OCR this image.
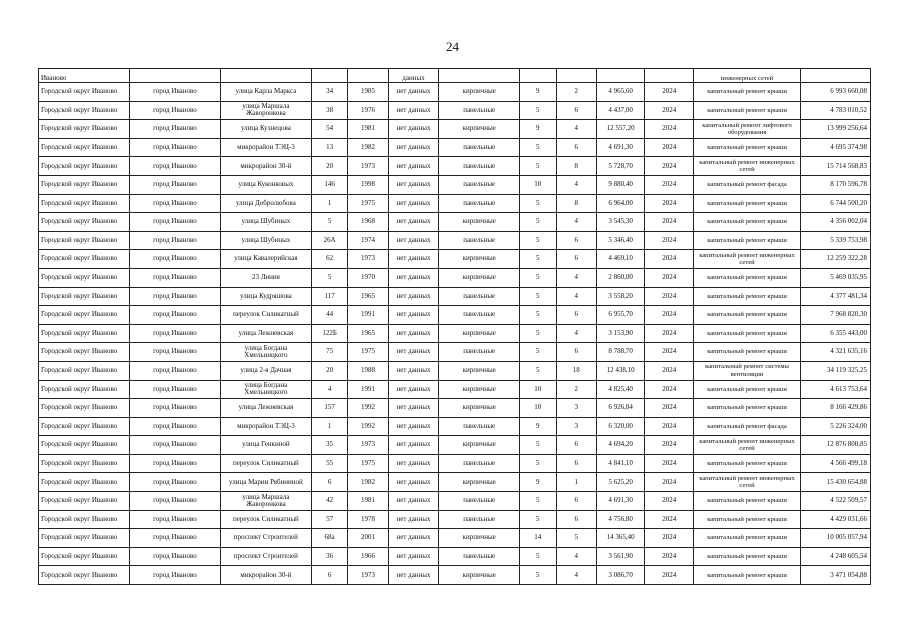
24
Иваново					данных						инженерных сетей	
Городской округ Иваново	город Иваново	улица Карла Маркса	34	1985	нет данных	кирпичные	9	2	4 965,60	2024	капитальный ремонт крыши	6 993 660,08
Городской округ Иваново	город Иваново	улица Маршала Жаворонкова	38	1976	нет данных	панельные	5	6	4 437,00	2024	капитальный ремонт крыши	4 783 010,52
Городской округ Иваново	город Иваново	улица Кузнецова	54	1981	нет данных	кирпичные	9	4	12 557,20	2024	капитальный ремонт лифтового оборудования	13 999 256,64
Городской округ Иваново	город Иваново	микрорайон ТЭЦ-3	13	1982	нет данных	панельные	5	6	4 691,30	2024	капитальный ремонт крыши	4 695 374,98
Городской округ Иваново	город Иваново	микрорайон 30-й	20	1973	нет данных	панельные	5	8	5 728,70	2024	капитальный ремонт инженерных сетей	15 714 568,83
Городской округ Иваново	город Иваново	улица Куконковых	146	1998	нет данных	панельные	10	4	9 880,40	2024	капитальный ремонт фасада	8 170 596,78
Городской округ Иваново	город Иваново	улица Добролюбова	1	1975	нет данных	панельные	5	8	6 964,00	2024	капитальный ремонт крыши	6 744 500,20
Городской округ Иваново	город Иваново	улица Шубиных	5	1968	нет данных	кирпичные	5	4	3 545,30	2024	капитальный ремонт крыши	4 356 002,04
Городской округ Иваново	город Иваново	улица Шубиных	26А	1974	нет данных	панельные	5	6	5 346,40	2024	капитальный ремонт крыши	5 339 753,98
Городской округ Иваново	город Иваново	улица Кавалерийская	62	1973	нет данных	кирпичные	5	6	4 469,10	2024	капитальный ремонт инженерных сетей	12 259 322,28
Городской округ Иваново	город Иваново	23 Линия	5	1970	нет данных	кирпичные	5	4	2 860,00	2024	капитальный ремонт крыши	5 469 035,95
Городской округ Иваново	город Иваново	улица Кудряшова	117	1965	нет данных	панельные	5	4	3 558,20	2024	капитальный ремонт крыши	4 377 481,34
Городской округ Иваново	город Иваново	переулок Силикатный	44	1991	нет данных	панельные	5	6	6 955,70	2024	капитальный ремонт крыши	7 968 820,30
Городской округ Иваново	город Иваново	улица Лежневская	122Б	1965	нет данных	кирпичные	5	4	3 153,90	2024	капитальный ремонт крыши	6 355 443,00
Городской округ Иваново	город Иваново	улица Богдана Хмельницкого	75	1975	нет данных	панельные	5	6	8 788,70	2024	капитальный ремонт крыши	4 321 635,16
Городской округ Иваново	город Иваново	улица 2-я Дачная	20	1988	нет данных	кирпичные	5	18	12 438,10	2024	капитальный ремонт системы вентиляции	34 119 325,25
Городской округ Иваново	город Иваново	улица Богдана Хмельницкого	4	1991	нет данных	кирпичные	10	2	4 825,40	2024	капитальный ремонт крыши	4 613 753,64
Городской округ Иваново	город Иваново	улица Лежневская	157	1992	нет данных	кирпичные	10	3	6 926,84	2024	капитальный ремонт крыши	8 166 429,86
Городской округ Иваново	город Иваново	микрорайон ТЭЦ-3	1	1992	нет данных	панельные	9	3	6 320,00	2024	капитальный ремонт фасада	5 226 324,00
Городской округ Иваново	город Иваново	улица Генкиной	35	1973	нет данных	кирпичные	5	6	4 694,20	2024	капитальный ремонт инженерных сетей	12 876 800,85
Городской округ Иваново	город Иваново	переулок Силикатный	55	1975	нет данных	панельные	5	6	4 841,10	2024	капитальный ремонт крыши	4 566 499,18
Городской округ Иваново	город Иваново	улица Марии Рябининой	6	1982	нет данных	кирпичные	9	1	5 625,20	2024	капитальный ремонт инженерных сетей	15 430 654,88
Городской округ Иваново	город Иваново	улица Маршала Жаворонкова	42	1981	нет данных	панельные	5	6	4 691,30	2024	капитальный ремонт крыши	4 522 509,57
Городской округ Иваново	город Иваново	переулок Силикатный	57	1978	нет данных	панельные	5	6	4 756,80	2024	капитальный ремонт крыши	4 429 031,66
Городской округ Иваново	город Иваново	проспект Строителей	68а	2001	нет данных	кирпичные	14	5	14 365,40	2024	капитальный ремонт крыши	10 005 057,94
Городской округ Иваново	город Иваново	проспект Строителей	36	1966	нет данных	панельные	5	4	3 561,90	2024	капитальный ремонт крыши	4 248 605,54
Городской округ Иваново	город Иваново	микрорайон 30-й	6	1973	нет данных	кирпичные	5	4	3 086,70	2024	капитальный ремонт крыши	3 471 054,88
